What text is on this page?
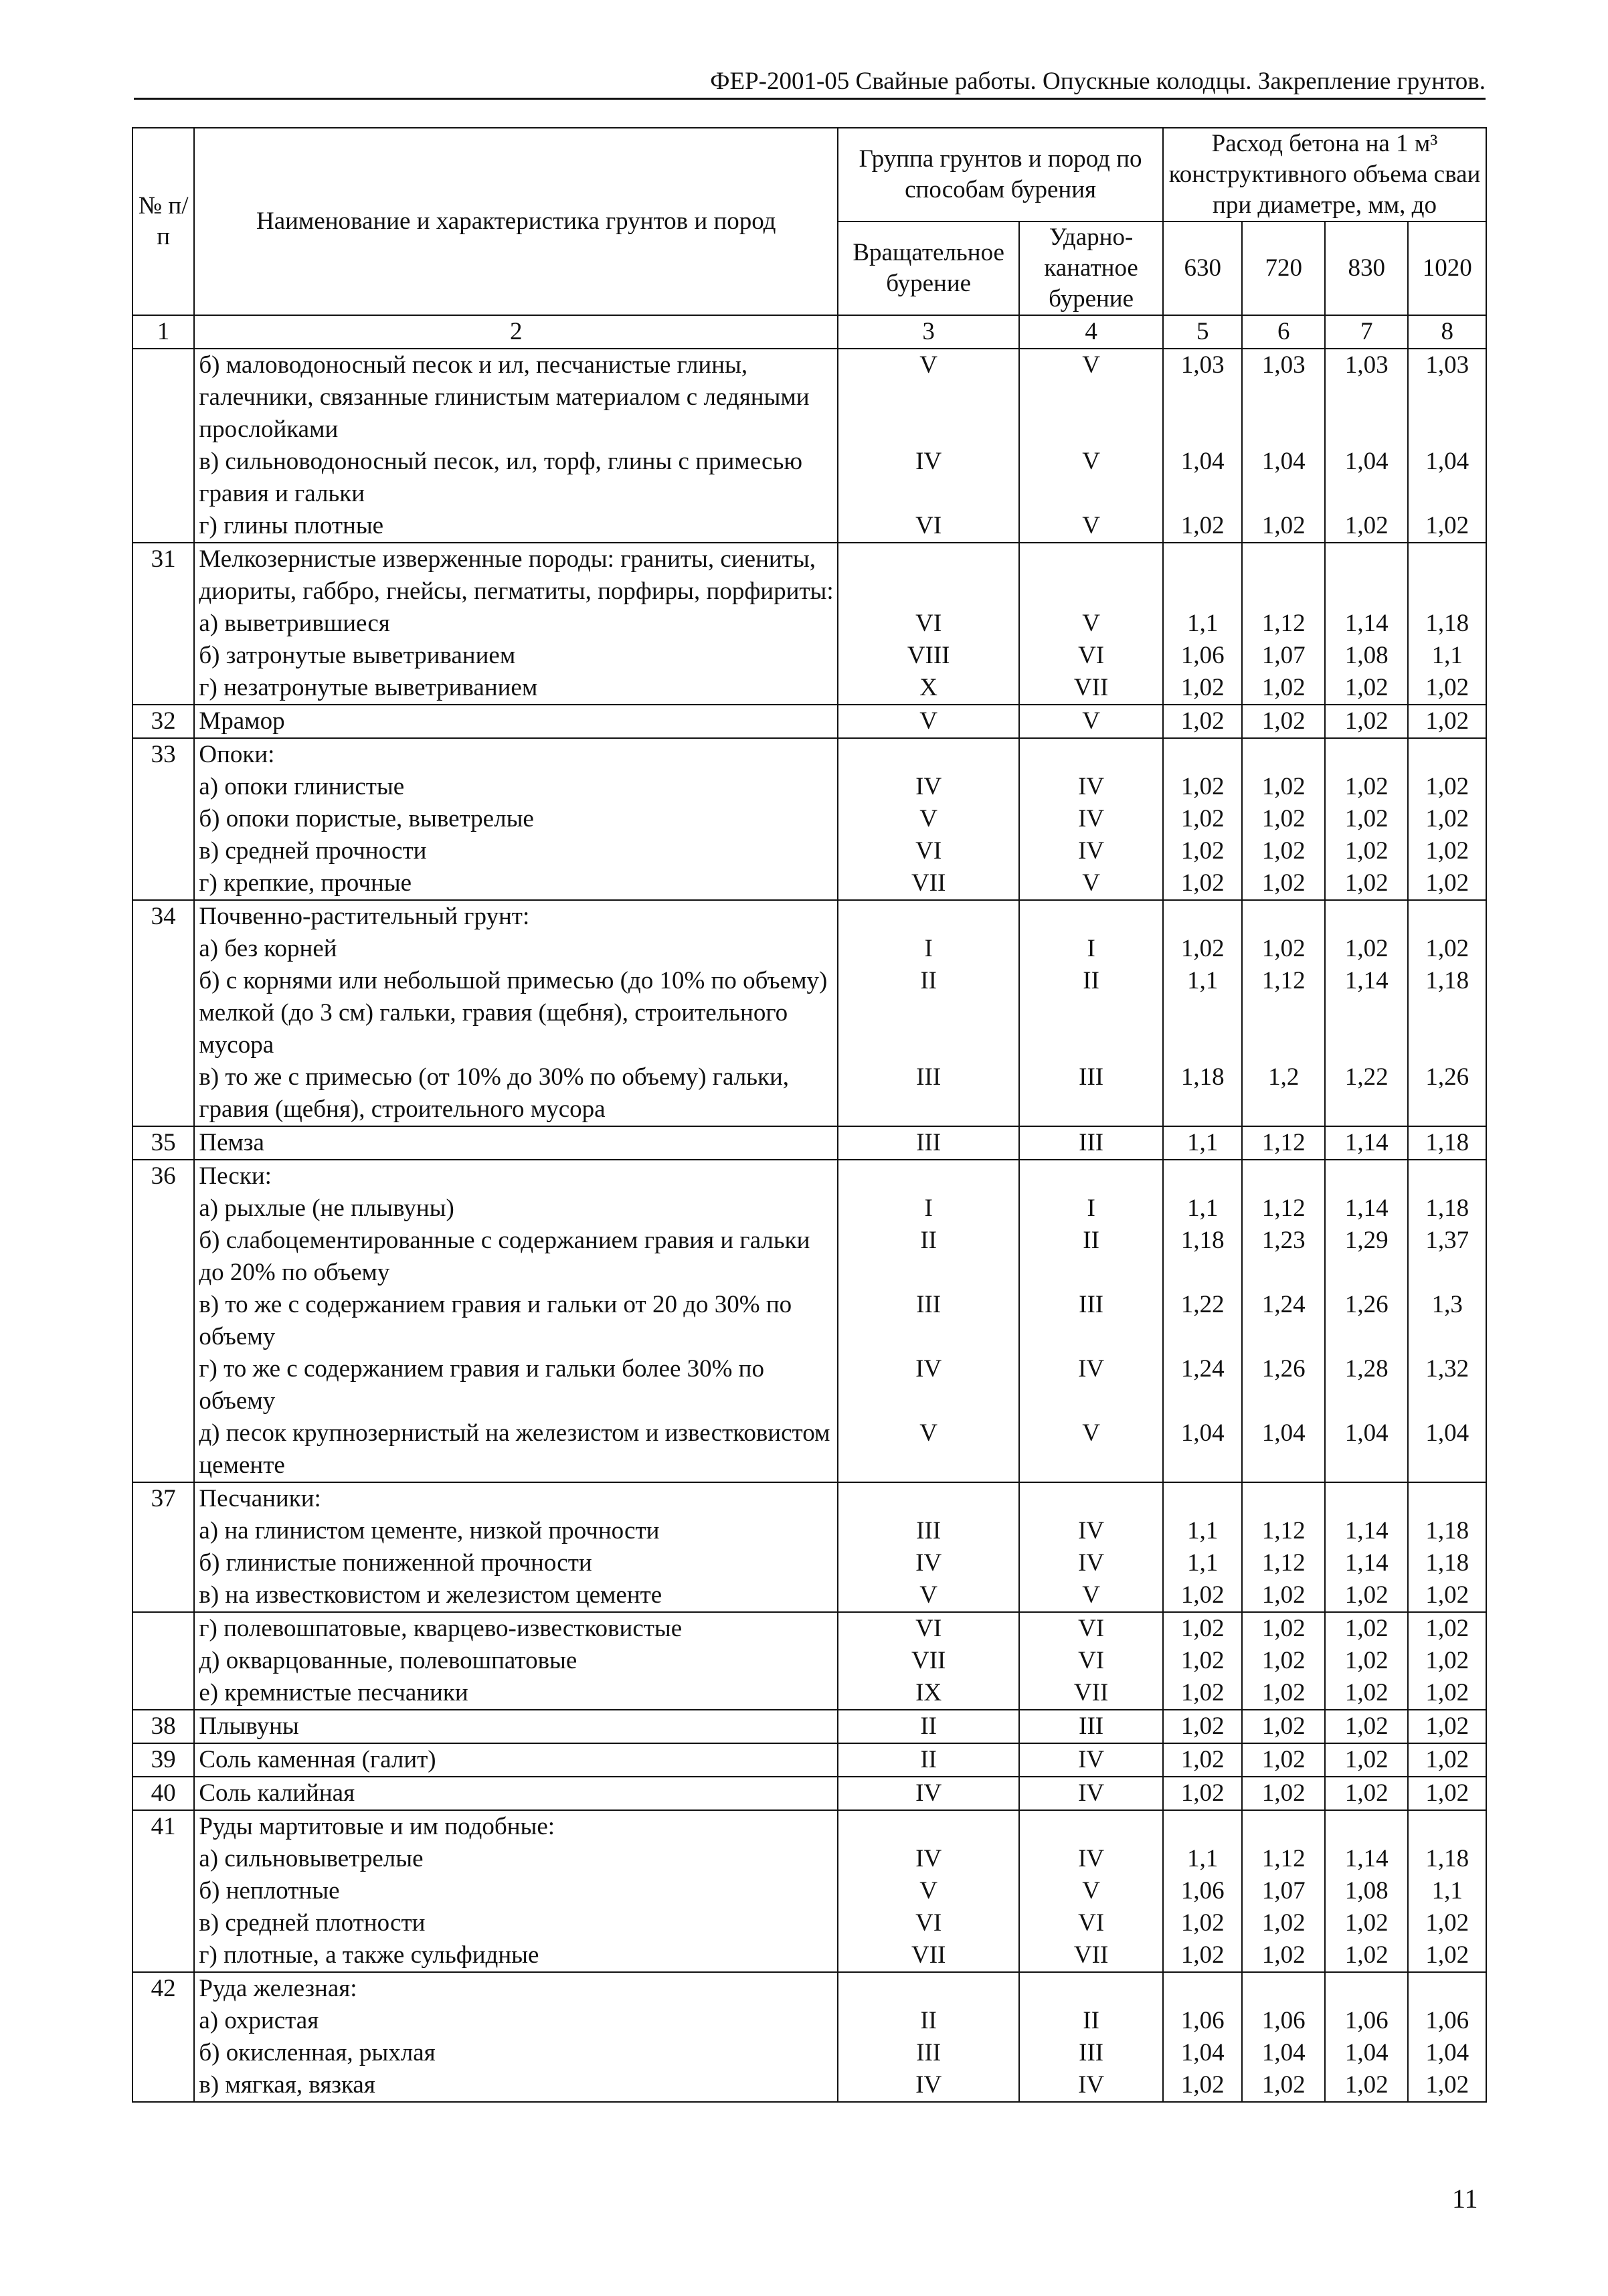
ФЕР-2001-05 Свайные работы. Опускные колодцы. Закрепление грунтов.
№ п/п	Наименование и характеристика грунтов и пород	Группа грунтов и пород по способам бурения		Расход бетона на 1 м³ конструктивного объема сваи при диаметре, мм, до			
		Вращательное бурение	Ударно-канатное бурение	630	720	830	1020
1	2	3	4	5	6	7	8
	б) маловодоносный песок и ил, песчанистые глины, галечники, связанные глинистым материалом с ледяными прослойками	V	V	1,03	1,03	1,03	1,03
	в) сильноводоносный песок, ил, торф, глины с примесью гравия и гальки	IV	V	1,04	1,04	1,04	1,04
	г) глины плотные	VI	V	1,02	1,02	1,02	1,02
31	Мелкозернистые изверженные породы: граниты, сиениты, диориты, габбро, гнейсы, пегматиты, порфиры, порфириты:						
	а) выветрившиеся	VI	V	1,1	1,12	1,14	1,18
	б) затронутые выветриванием	VIII	VI	1,06	1,07	1,08	1,1
	г) незатронутые выветриванием	X	VII	1,02	1,02	1,02	1,02
32	Мрамор	V	V	1,02	1,02	1,02	1,02
33	Опоки:						
	а) опоки глинистые	IV	IV	1,02	1,02	1,02	1,02
	б) опоки пористые, выветрелые	V	IV	1,02	1,02	1,02	1,02
	в) средней прочности	VI	IV	1,02	1,02	1,02	1,02
	г) крепкие, прочные	VII	V	1,02	1,02	1,02	1,02
34	Почвенно-растительный грунт:						
	а) без корней	I	I	1,02	1,02	1,02	1,02
	б) с корнями или небольшой примесью (до 10% по объему) мелкой (до 3 см) гальки, гравия (щебня), строительного мусора	II	II	1,1	1,12	1,14	1,18
	в) то же с примесью (от 10% до 30% по объему) гальки, гравия (щебня), строительного мусора	III	III	1,18	1,2	1,22	1,26
35	Пемза	III	III	1,1	1,12	1,14	1,18
36	Пески:						
	а) рыхлые (не плывуны)	I	I	1,1	1,12	1,14	1,18
	б) слабоцементированные с содержанием гравия и гальки до 20% по объему	II	II	1,18	1,23	1,29	1,37
	в) то же с содержанием гравия и гальки от 20 до 30% по объему	III	III	1,22	1,24	1,26	1,3
	г) то же с содержанием гравия и гальки более 30% по объему	IV	IV	1,24	1,26	1,28	1,32
	д) песок крупнозернистый на железистом и известковистом цементе	V	V	1,04	1,04	1,04	1,04
37	Песчаники:						
	а) на глинистом цементе, низкой прочности	III	IV	1,1	1,12	1,14	1,18
	б) глинистые пониженной прочности	IV	IV	1,1	1,12	1,14	1,18
	в) на известковистом и железистом цементе	V	V	1,02	1,02	1,02	1,02
	г) полевошпатовые, кварцево-известковистые	VI	VI	1,02	1,02	1,02	1,02
	д) окварцованные, полевошпатовые	VII	VI	1,02	1,02	1,02	1,02
	е) кремнистые песчаники	IX	VII	1,02	1,02	1,02	1,02
38	Плывуны	II	III	1,02	1,02	1,02	1,02
39	Соль каменная (галит)	II	IV	1,02	1,02	1,02	1,02
40	Соль калийная	IV	IV	1,02	1,02	1,02	1,02
41	Руды мартитовые и им подобные:						
	а) сильновыветрелые	IV	IV	1,1	1,12	1,14	1,18
	б) неплотные	V	V	1,06	1,07	1,08	1,1
	в) средней плотности	VI	VI	1,02	1,02	1,02	1,02
	г) плотные, а также сульфидные	VII	VII	1,02	1,02	1,02	1,02
42	Руда железная:						
	а) охристая	II	II	1,06	1,06	1,06	1,06
	б) окисленная, рыхлая	III	III	1,04	1,04	1,04	1,04
	в) мягкая, вязкая	IV	IV	1,02	1,02	1,02	1,02
11
